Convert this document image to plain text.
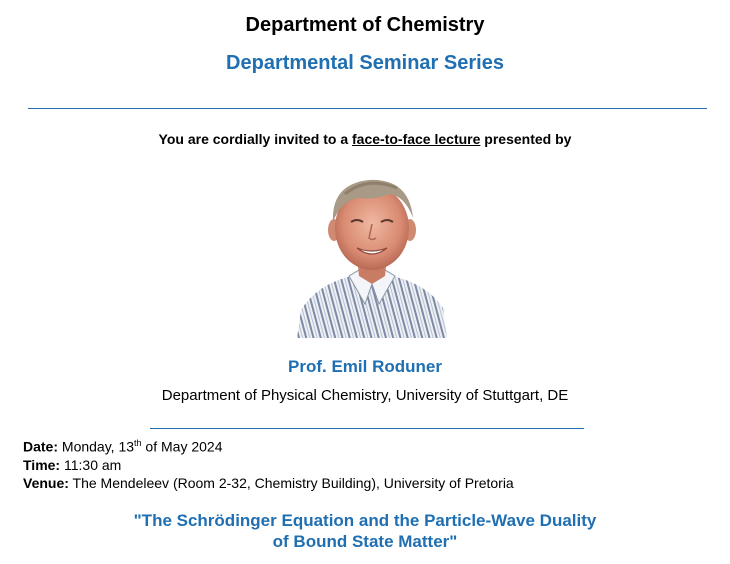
Department of Chemistry
Departmental Seminar Series
You are cordially invited to a face-to-face lecture presented by
Prof. Emil Roduner
Department of Physical Chemistry, University of Stuttgart, DE
Date: Monday, 13th of May 2024
Time: 11:30 am
Venue: The Mendeleev (Room 2-32, Chemistry Building), University of Pretoria
"The Schrödinger Equation and the Particle-Wave Duality
of Bound State Matter"
